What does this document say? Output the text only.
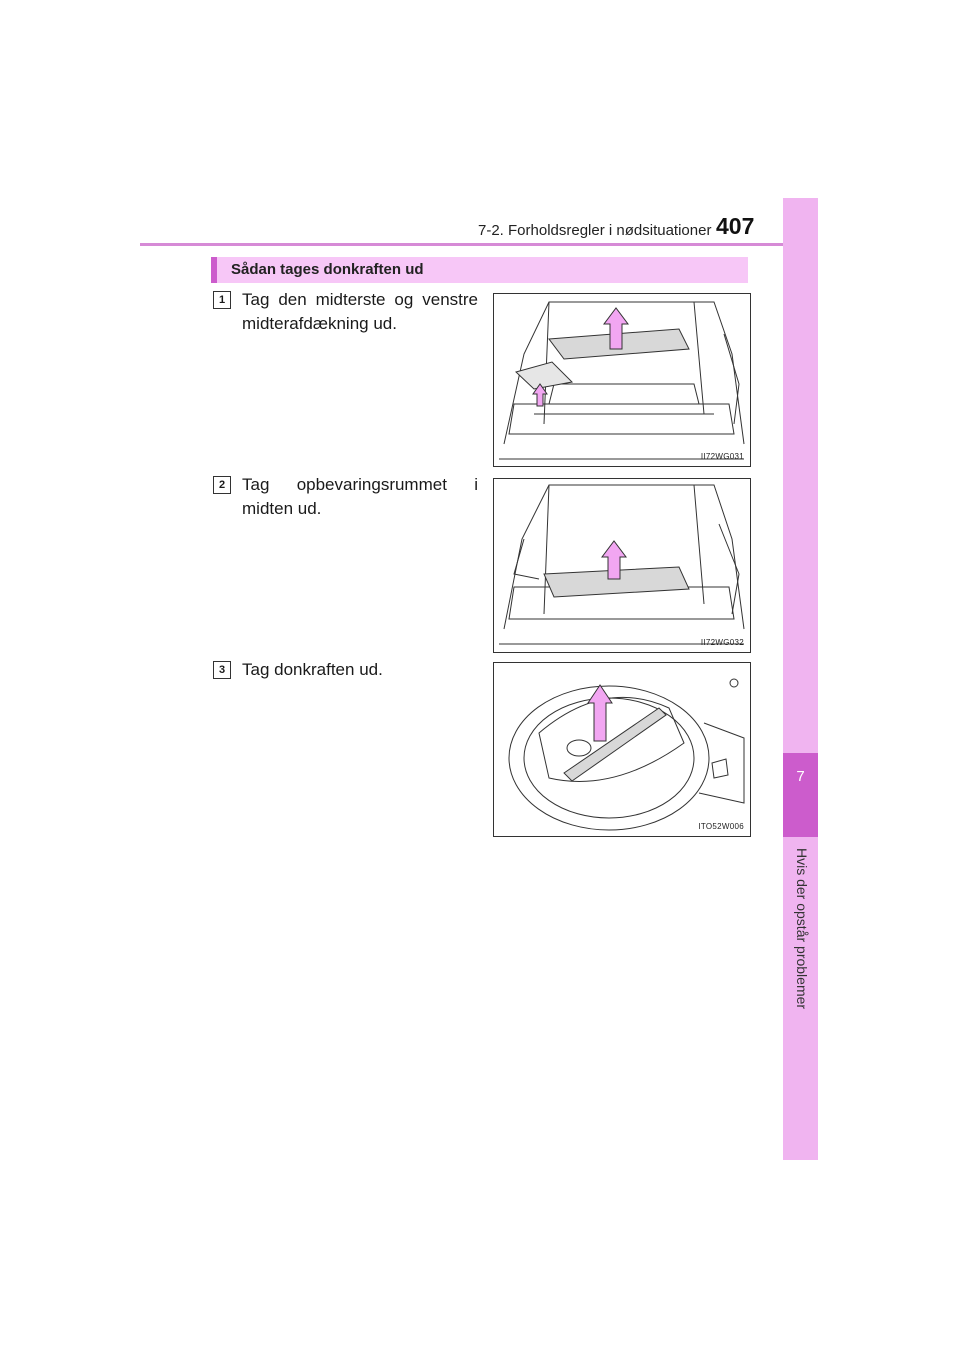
7-2. Forholdsregler i nødsituationer 407
7
Hvis der opstår problemer
Sådan tages donkraften ud
1 Tag den midterste og venstre midterafdækning ud.
II72WG031
2 Tag opbevaringsrummet i midten ud.
II72WG032
3 Tag donkraften ud.
ITO52W006
